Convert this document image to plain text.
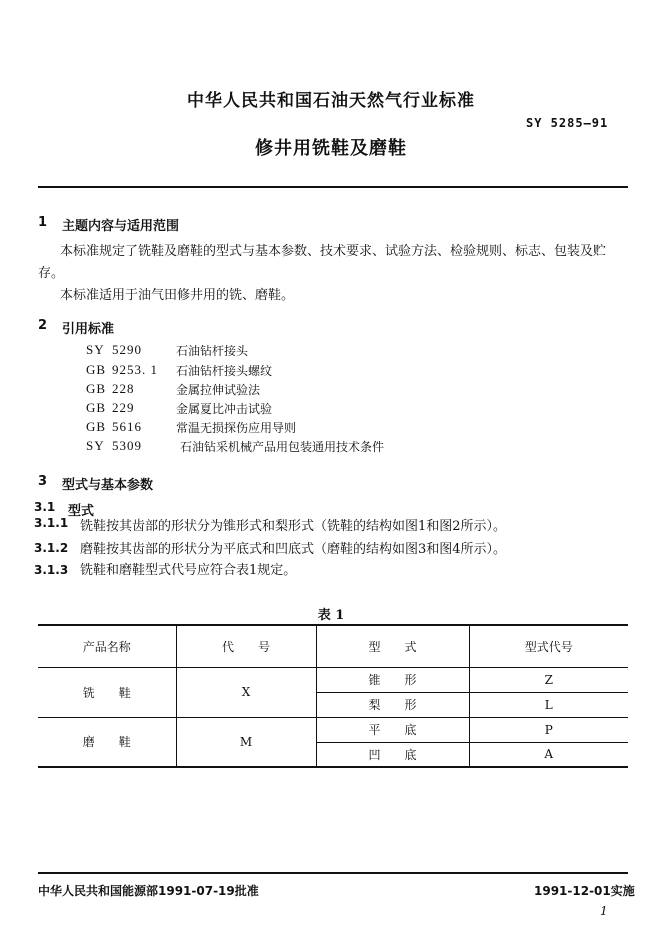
中华人民共和国石油天然气行业标准
SY 5285—91
修井用铣鞋及磨鞋
1 主题内容与适用范围
本标准规定了铣鞋及磨鞋的型式与基本参数、技术要求、试验方法、检验规则、标志、包装及贮
存。
本标准适用于油气田修井用的铣、磨鞋。
2 引用标准
SY 5290	石油钻杆接头
GB 9253. 1 石油钻杆接头螺纹
GB 228	金属拉伸试验法
GB 229	金属夏比冲击试验
GB 5616	常温无损探伤应用导则
SY 5309	石油钻采机械产品用包装通用技术条件
3 型式与基本参数
3.1 型式
3.1.1 铣鞋按其齿部的形状分为锥形式和梨形式（铣鞋的结构如图1和图2所示）。
3.1.2 磨鞋按其齿部的形状分为平底式和凹底式（磨鞋的结构如图3和图4所示）。
3.1.3 铣鞋和磨鞋型式代号应符合表1规定。
表 1
产品名称	代　　号	型　　式	型式代号
铣　　鞋	X	锥　　形	Z
		梨　　形	L
磨　　鞋	M	平　　底	P
		凹　　底	A
中华人民共和国能源部1991-07-19批准	1991-12-01实施
1
